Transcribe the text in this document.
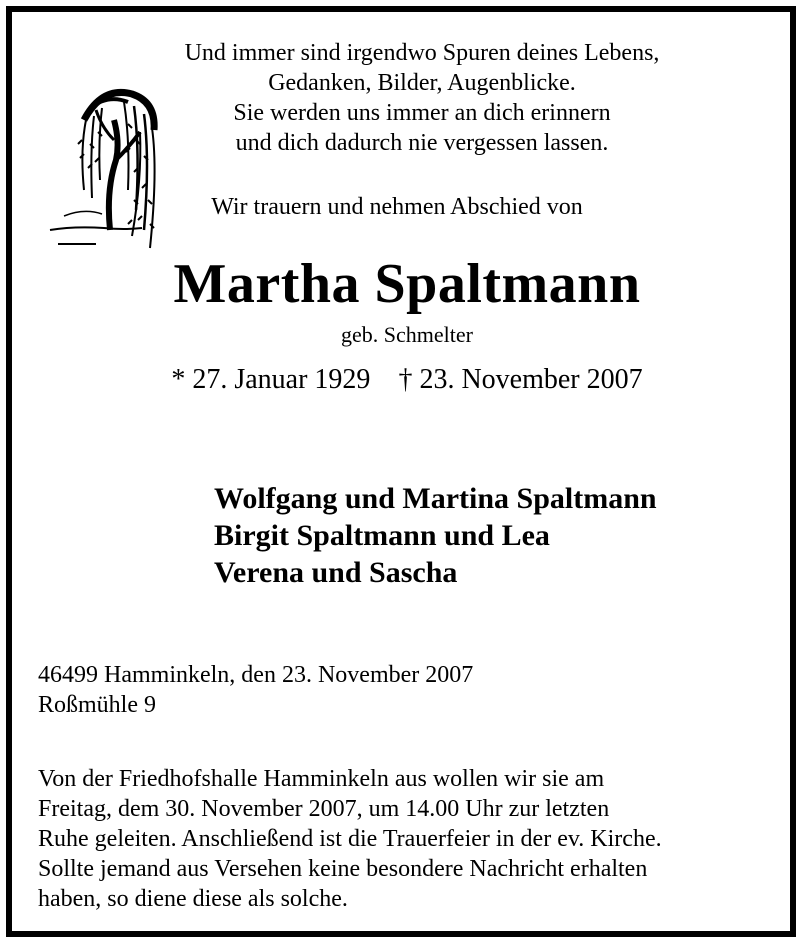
Und immer sind irgendwo Spuren deines Lebens,
Gedanken, Bilder, Augenblicke.
Sie werden uns immer an dich erinnern
und dich dadurch nie vergessen lassen.
Wir trauern und nehmen Abschied von
Martha Spaltmann
geb. Schmelter
* 27. Januar 1929 † 23. November 2007
Wolfgang und Martina Spaltmann
Birgit Spaltmann und Lea
Verena und Sascha
46499 Hamminkeln, den 23. November 2007
Roßmühle 9
Von der Friedhofshalle Hamminkeln aus wollen wir sie am
Freitag, dem 30. November 2007, um 14.00 Uhr zur letzten
Ruhe geleiten. Anschließend ist die Trauerfeier in der ev. Kirche.
Sollte jemand aus Versehen keine besondere Nachricht erhalten
haben, so diene diese als solche.
